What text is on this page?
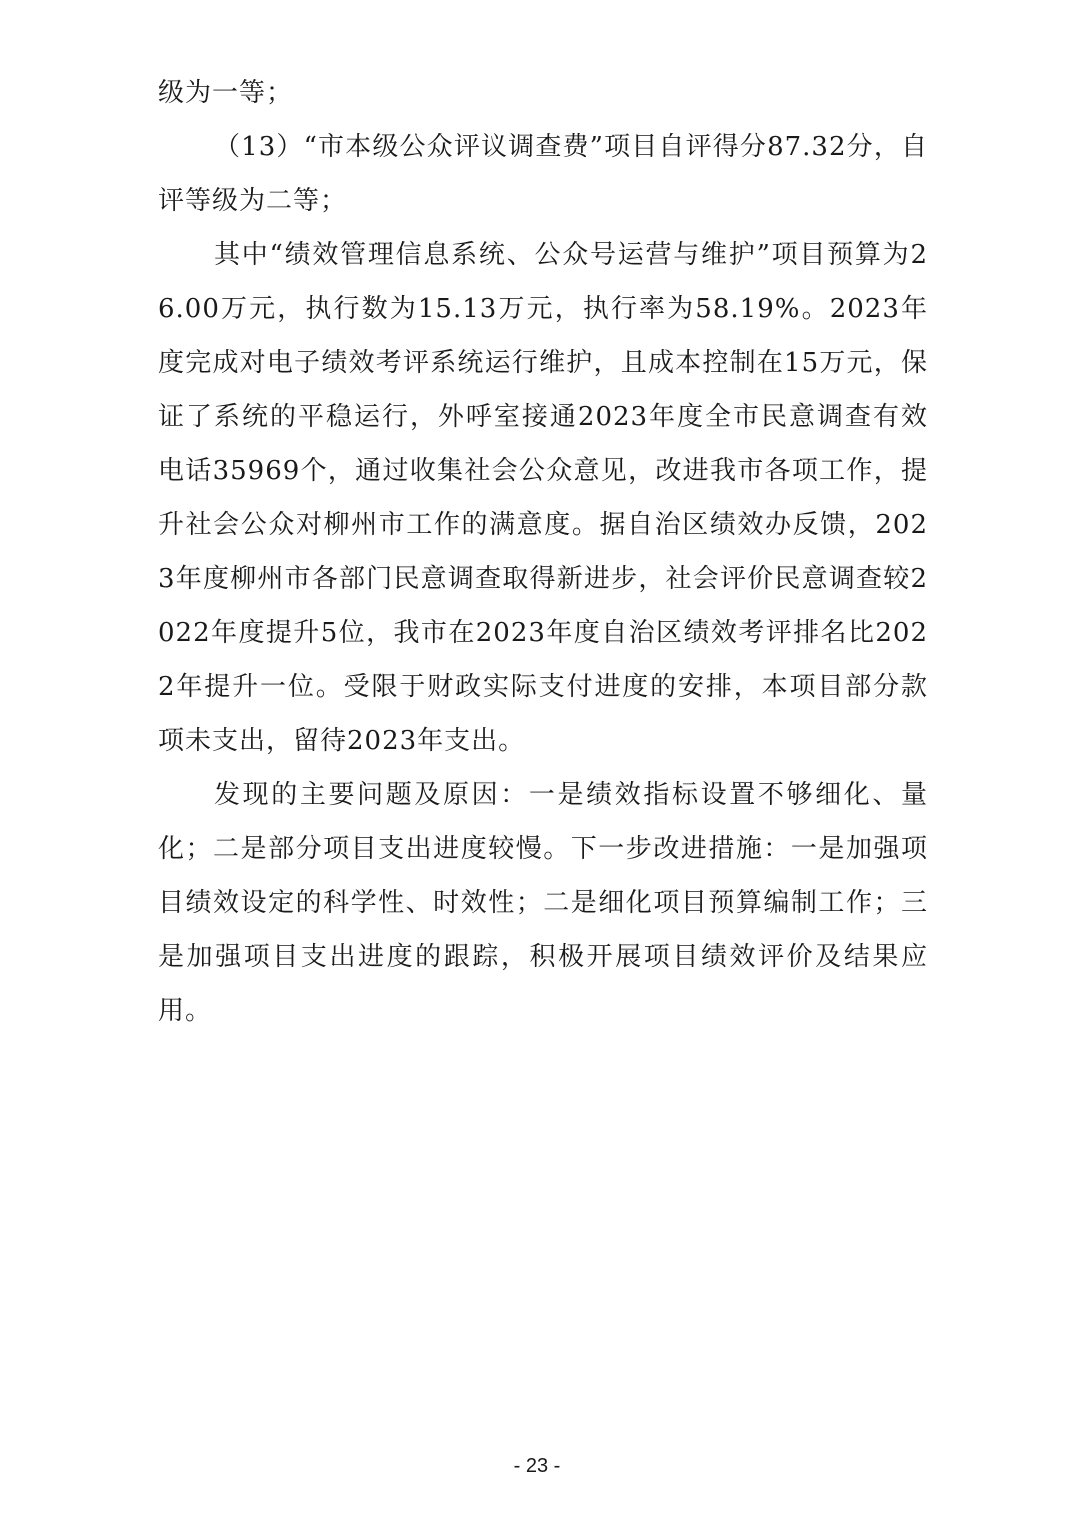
级为一等；

（13）“市本级公众评议调查费”项目自评得分87.32分，自评等级为二等；

其中“绩效管理信息系统、公众号运营与维护”项目预算为26.00万元，执行数为15.13万元，执行率为58.19%。2023年度完成对电子绩效考评系统运行维护，且成本控制在15万元，保证了系统的平稳运行，外呼室接通2023年度全市民意调查有效电话35969个，通过收集社会公众意见，改进我市各项工作，提升社会公众对柳州市工作的满意度。据自治区绩效办反馈，2023年度柳州市各部门民意调查取得新进步，社会评价民意调查较2022年度提升5位，我市在2023年度自治区绩效考评排名比2022年提升一位。受限于财政实际支付进度的安排，本项目部分款项未支出，留待2023年支出。

发现的主要问题及原因：一是绩效指标设置不够细化、量化；二是部分项目支出进度较慢。下一步改进措施：一是加强项目绩效设定的科学性、时效性；二是细化项目预算编制工作；三是加强项目支出进度的跟踪，积极开展项目绩效评价及结果应用。

- 23 -
